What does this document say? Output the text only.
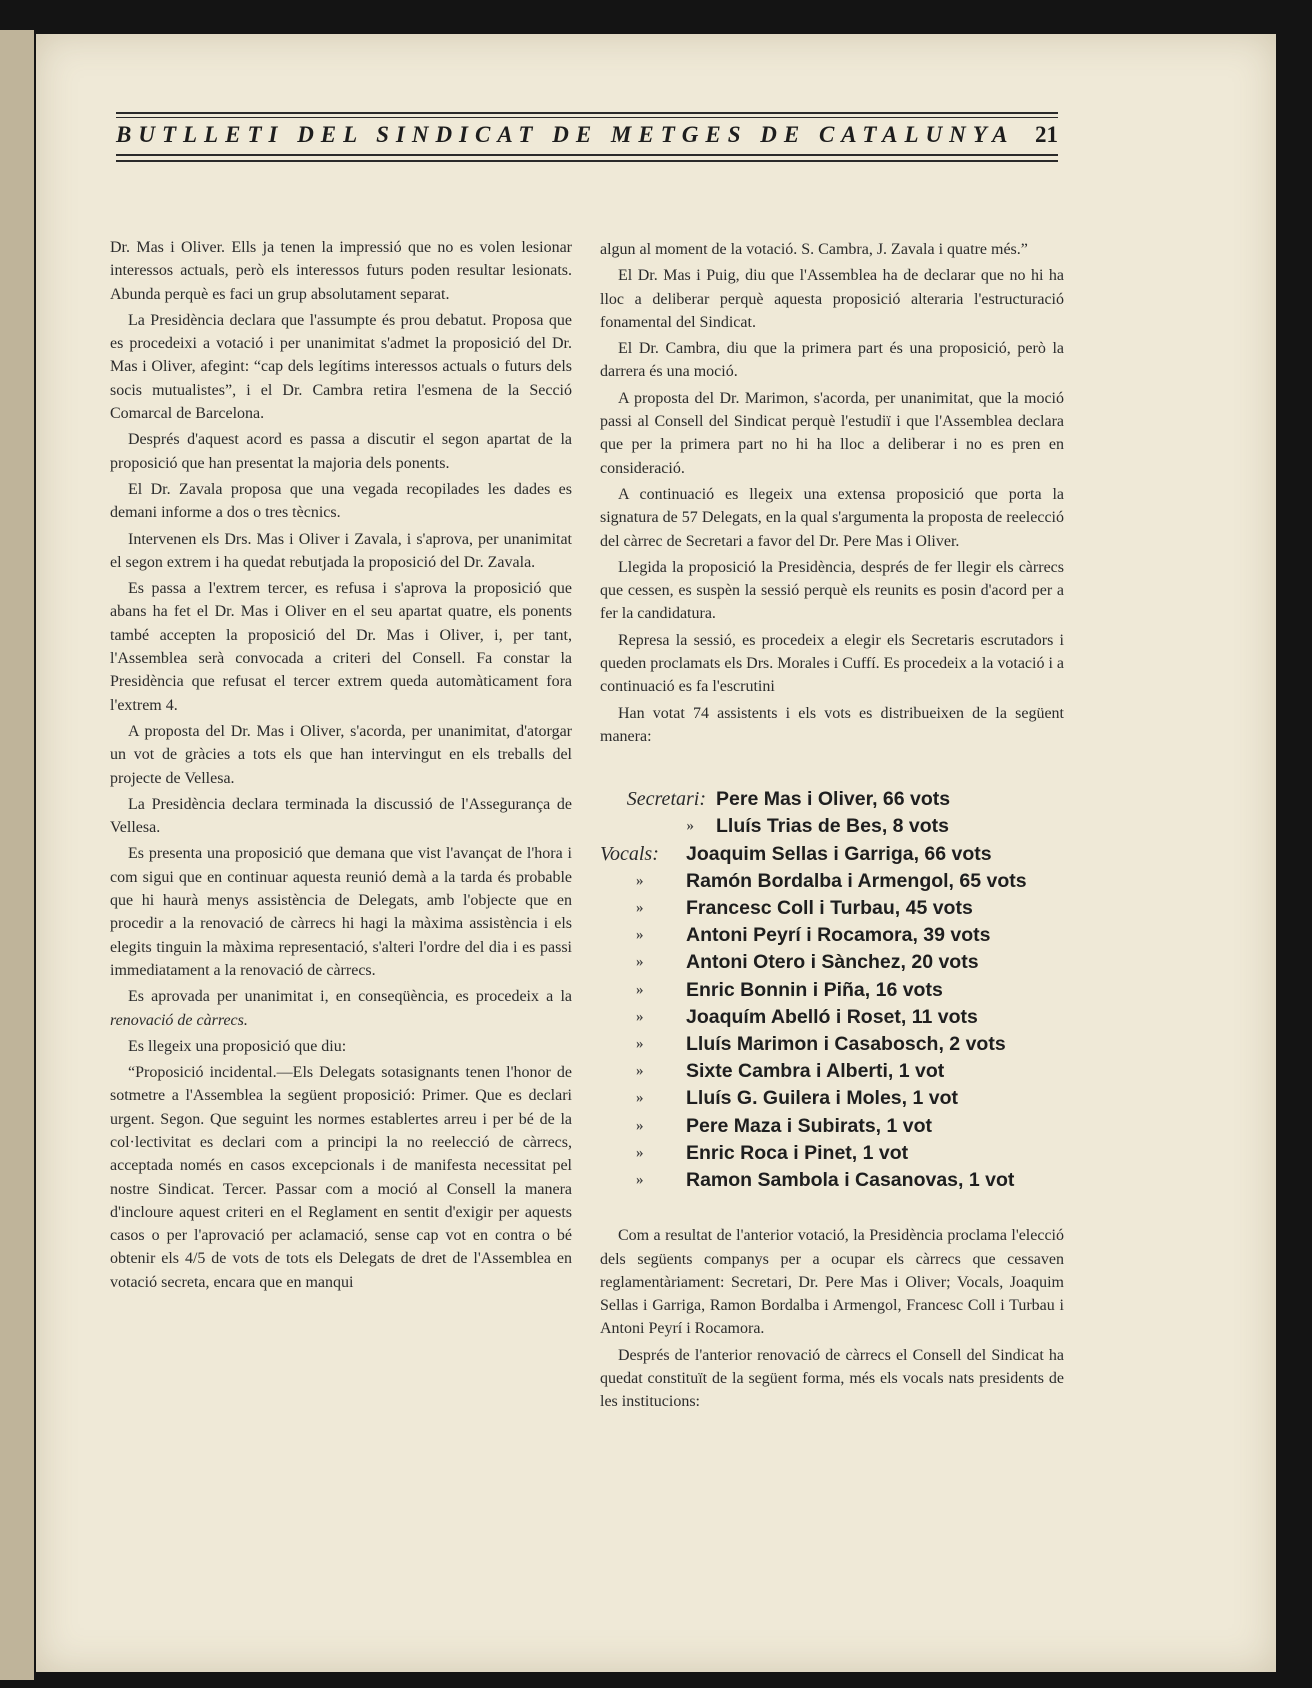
BUTLLETI DEL SINDICAT DE METGES DE CATALUNYA 21

Dr. Mas i Oliver. Ells ja tenen la impressió que no es volen lesionar interessos actuals, però els interessos futurs poden resultar lesionats. Abunda perquè es faci un grup absolutament separat.

La Presidència declara que l'assumpte és prou debatut. Proposa que es procedeixi a votació i per unanimitat s'admet la proposició del Dr. Mas i Oliver, afegint: “cap dels legítims interessos actuals o futurs dels socis mutualistes”, i el Dr. Cambra retira l'esmena de la Secció Comarcal de Barcelona.

Després d'aquest acord es passa a discutir el segon apartat de la proposició que han presentat la majoria dels ponents.

El Dr. Zavala proposa que una vegada recopilades les dades es demani informe a dos o tres tècnics.

Intervenen els Drs. Mas i Oliver i Zavala, i s'aprova, per unanimitat el segon extrem i ha quedat rebutjada la proposició del Dr. Zavala.

Es passa a l'extrem tercer, es refusa i s'aprova la proposició que abans ha fet el Dr. Mas i Oliver en el seu apartat quatre, els ponents també accepten la proposició del Dr. Mas i Oliver, i, per tant, l'Assemblea serà convocada a criteri del Consell. Fa constar la Presidència que refusat el tercer extrem queda automàticament fora l'extrem 4.

A proposta del Dr. Mas i Oliver, s'acorda, per unanimitat, d'atorgar un vot de gràcies a tots els que han intervingut en els treballs del projecte de Vellesa.

La Presidència declara terminada la discussió de l'Assegurança de Vellesa.

Es presenta una proposició que demana que vist l'avançat de l'hora i com sigui que en continuar aquesta reunió demà a la tarda és probable que hi haurà menys assistència de Delegats, amb l'objecte que en procedir a la renovació de càrrecs hi hagi la màxima assistència i els elegits tinguin la màxima representació, s'alteri l'ordre del dia i es passi immediatament a la renovació de càrrecs.

Es aprovada per unanimitat i, en conseqüència, es procedeix a la renovació de càrrecs.

Es llegeix una proposició que diu:

“Proposició incidental.—Els Delegats sotasignants tenen l'honor de sotmetre a l'Assemblea la següent proposició: Primer. Que es declari urgent. Segon. Que seguint les normes establertes arreu i per bé de la col·lectivitat es declari com a principi la no reelecció de càrrecs, acceptada només en casos excepcionals i de manifesta necessitat pel nostre Sindicat. Tercer. Passar com a moció al Consell la manera d'incloure aquest criteri en el Reglament en sentit d'exigir per aquests casos o per l'aprovació per aclamació, sense cap vot en contra o bé obtenir els 4/5 de vots de tots els Delegats de dret de l'Assemblea en votació secreta, encara que en manqui

algun al moment de la votació. S. Cambra, J. Zavala i quatre més.”

El Dr. Mas i Puig, diu que l'Assemblea ha de declarar que no hi ha lloc a deliberar perquè aquesta proposició alteraria l'estructuració fonamental del Sindicat.

El Dr. Cambra, diu que la primera part és una proposició, però la darrera és una moció.

A proposta del Dr. Marimon, s'acorda, per unanimitat, que la moció passi al Consell del Sindicat perquè l'estudiï i que l'Assemblea declara que per la primera part no hi ha lloc a deliberar i no es pren en consideració.

A continuació es llegeix una extensa proposició que porta la signatura de 57 Delegats, en la qual s'argumenta la proposta de reelecció del càrrec de Secretari a favor del Dr. Pere Mas i Oliver.

Llegida la proposició la Presidència, després de fer llegir els càrrecs que cessen, es suspèn la sessió perquè els reunits es posin d'acord per a fer la candidatura.

Represa la sessió, es procedeix a elegir els Secretaris escrutadors i queden proclamats els Drs. Morales i Cuffí. Es procedeix a la votació i a continuació es fa l'escrutini

Han votat 74 assistents i els vots es distribueixen de la següent manera:

Secretari: Pere Mas i Oliver, 66 vots
»	Lluís Trias de Bes, 8 vots
Vocals:	Joaquim Sellas i Garriga, 66 vots
»	Ramón Bordalba i Armengol, 65 vots
»	Francesc Coll i Turbau, 45 vots
»	Antoni Peyrí i Rocamora, 39 vots
»	Antoni Otero i Sànchez, 20 vots
»	Enric Bonnin i Piña, 16 vots
»	Joaquím Abelló i Roset, 11 vots
»	Lluís Marimon i Casabosch, 2 vots
»	Sixte Cambra i Alberti, 1 vot
»	Lluís G. Guilera i Moles, 1 vot
»	Pere Maza i Subirats, 1 vot
»	Enric Roca i Pinet, 1 vot
»	Ramon Sambola i Casanovas, 1 vot

Com a resultat de l'anterior votació, la Presidència proclama l'elecció dels següents companys per a ocupar els càrrecs que cessaven reglamentàriament: Secretari, Dr. Pere Mas i Oliver; Vocals, Joaquim Sellas i Garriga, Ramon Bordalba i Armengol, Francesc Coll i Turbau i Antoni Peyrí i Rocamora.

Després de l'anterior renovació de càrrecs el Consell del Sindicat ha quedat constituït de la següent forma, més els vocals nats presidents de les institucions:
